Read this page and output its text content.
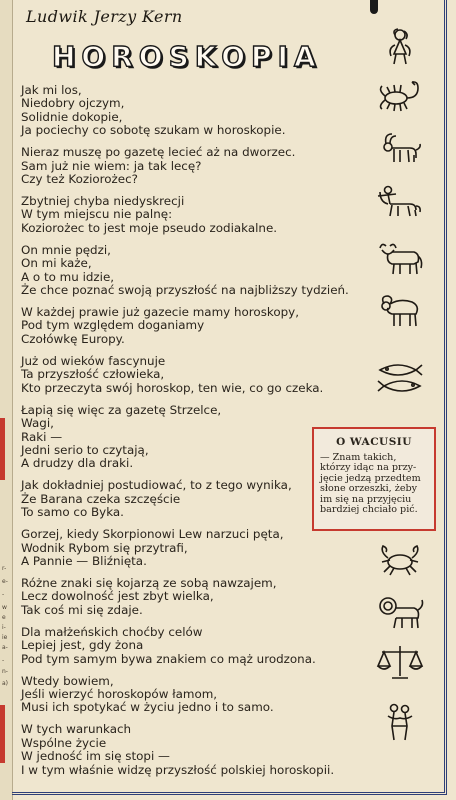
r-
e-
-
w
e
i-
ie
a-
-
n-
a)
Ludwik Jerzy Kern
HOROSKOPIA
Jak mi los,
Niedobry ojczym,
Solidnie dokopie,
Ja pociechy co sobotę szukam w horoskopie.
Nieraz muszę po gazetę lecieć aż na dworzec.
Sam już nie wiem: ja tak lecę?
Czy też Koziorożec?
Zbytniej chyba niedyskrecji
W tym miejscu nie palnę:
Koziorożec to jest moje pseudo zodiakalne.
On mnie pędzi,
On mi każe,
A o to mu idzie,
Że chce poznać swoją przyszłość na najbliższy tydzień.
W każdej prawie już gazecie mamy horoskopy,
Pod tym względem doganiamy
Czołówkę Europy.
Już od wieków fascynuje
Ta przyszłość człowieka,
Kto przeczyta swój horoskop, ten wie, co go czeka.
Łapią się więc za gazetę Strzelce,
Wagi,
Raki —
Jedni serio to czytają,
A drudzy dla draki.
Jak dokładniej postudiować, to z tego wynika,
Że Barana czeka szczęście
To samo co Byka.
Gorzej, kiedy Skorpionowi Lew narzuci pęta,
Wodnik Rybom się przytrafi,
A Pannie — Bliźnięta.
Różne znaki się kojarzą ze sobą nawzajem,
Lecz dowolność jest zbyt wielka,
Tak coś mi się zdaje.
Dla małżeńskich choćby celów
Lepiej jest, gdy żona
Pod tym samym bywa znakiem co mąż urodzona.
Wtedy bowiem,
Jeśli wierzyć horoskopów łamom,
Musi ich spotykać w życiu jedno i to samo.
W tych warunkach
Wspólne życie
W jedność im się stopi —
I w tym właśnie widzę przyszłość polskiej horoskopii.
O WACUSIU
— Znam takich,
którzy idąc na przy-
jęcie jedzą przedtem
słone orzeszki, żeby
im się na przyjęciu
bardziej chciało pić.
